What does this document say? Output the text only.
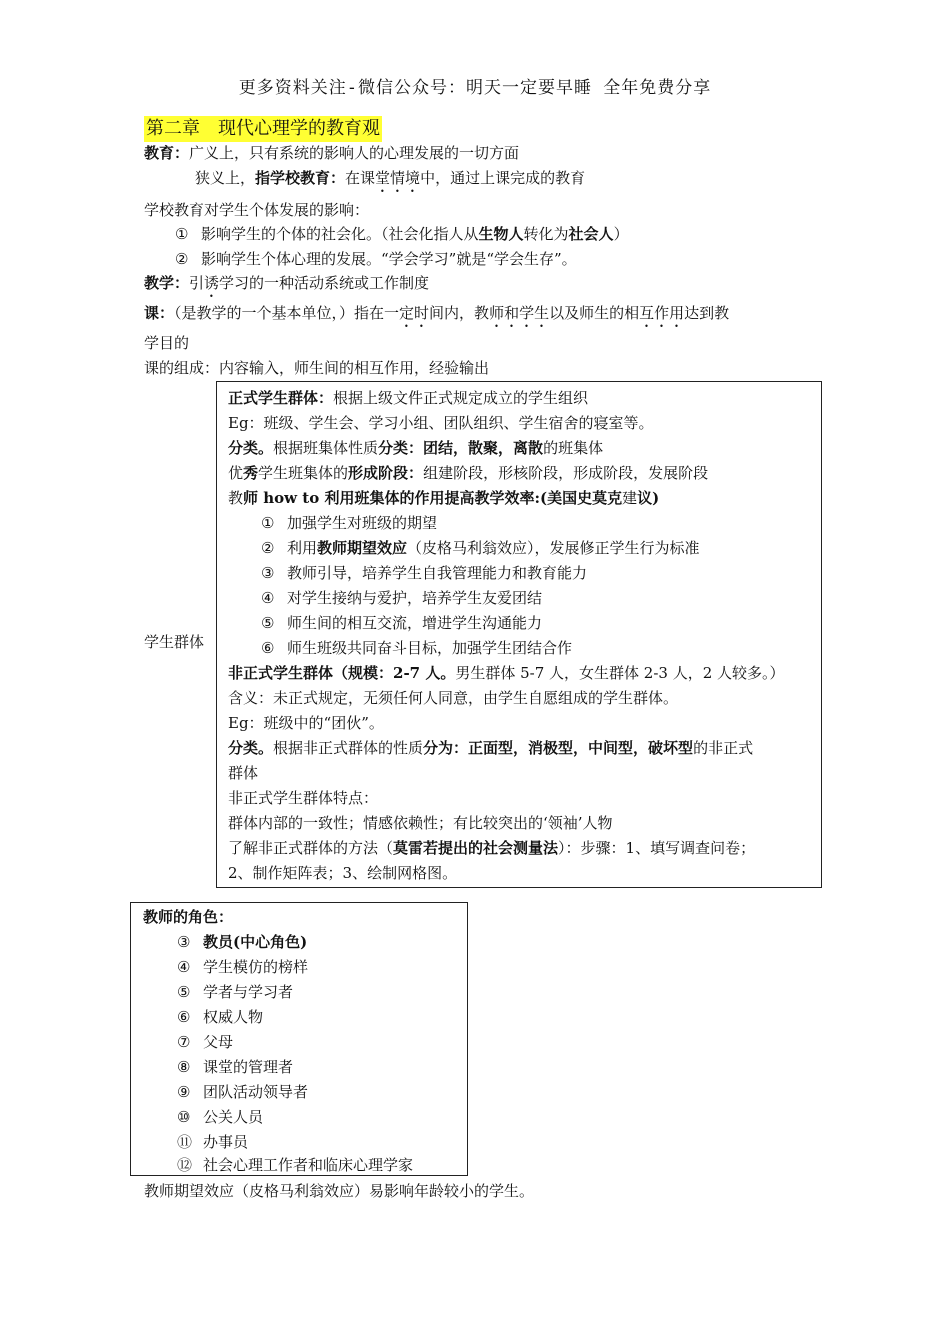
更多资料关注-微信公众号：明天一定要早睡 全年免费分享
第二章　现代心理学的教育观
教育：广义上，只有系统的影响人的心理发展的一切方面
狭义上，指学校教育：在课堂情境中，通过上课完成的教育
学校教育对学生个体发展的影响：
① 影响学生的个体的社会化。（社会化指人从生物人转化为社会人）
② 影响学生个体心理的发展。“学会学习”就是“学会生存”。
教学：引诱学习的一种活动系统或工作制度
课：（是教学的一个基本单位，）指在一定时间内，教师和学生以及师生的相互作用达到教
学目的
课的组成：内容输入，师生间的相互作用，经验输出
学生群体
正式学生群体：根据上级文件正式规定成立的学生组织
Eg：班级、学生会、学习小组、团队组织、学生宿舍的寝室等。
分类。根据班集体性质分类：团结，散聚，离散的班集体
优秀学生班集体的形成阶段：组建阶段，形核阶段，形成阶段，发展阶段
教师 how to 利用班集体的作用提高教学效率:(美国史莫克建议)
① 加强学生对班级的期望
② 利用教师期望效应（皮格马利翁效应），发展修正学生行为标准
③ 教师引导，培养学生自我管理能力和教育能力
④ 对学生接纳与爱护，培养学生友爱团结
⑤ 师生间的相互交流，增进学生沟通能力
⑥ 师生班级共同奋斗目标，加强学生团结合作
非正式学生群体（规模：2-7 人。男生群体 5-7 人，女生群体 2-3 人，2 人较多。）
含义：未正式规定，无须任何人同意，由学生自愿组成的学生群体。
Eg：班级中的“团伙”。
分类。根据非正式群体的性质分为：正面型，消极型，中间型，破坏型的非正式
群体
非正式学生群体特点：
群体内部的一致性；情感依赖性；有比较突出的‘领袖’人物
了解非正式群体的方法（莫雷若提出的社会测量法）：步骤：1、填写调查问卷；
2、制作矩阵表；3、绘制网格图。
教师的角色：
③ 教员(中心角色)
④ 学生模仿的榜样
⑤ 学者与学习者
⑥ 权威人物
⑦ 父母
⑧ 课堂的管理者
⑨ 团队活动领导者
⑩ 公关人员
⑪ 办事员
⑫ 社会心理工作者和临床心理学家
教师期望效应（皮格马利翁效应）易影响年龄较小的学生。
